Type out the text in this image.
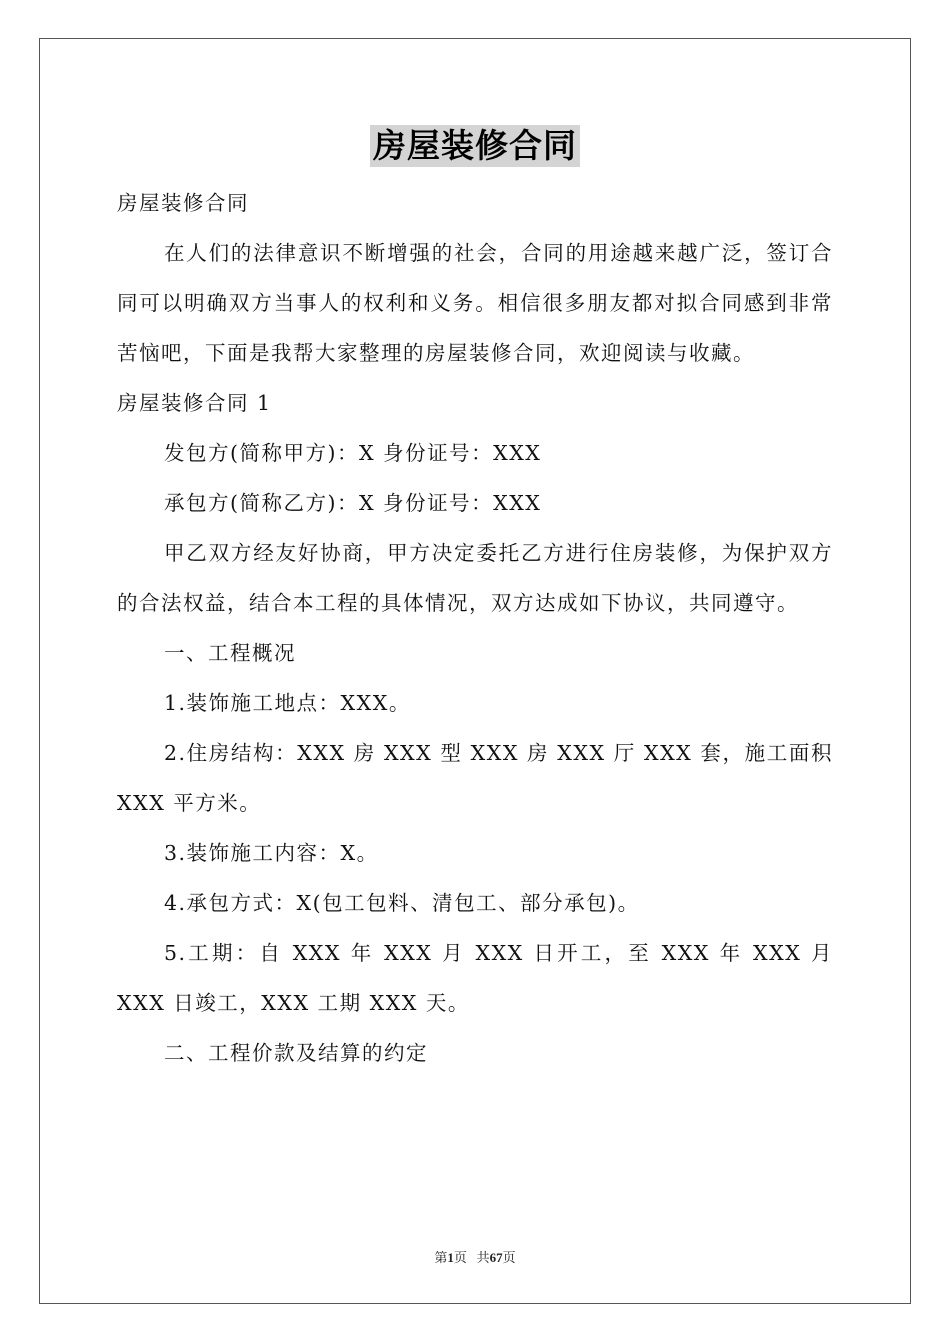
房屋装修合同

房屋装修合同

在人们的法律意识不断增强的社会，合同的用途越来越广泛，签订合同可以明确双方当事人的权利和义务。相信很多朋友都对拟合同感到非常苦恼吧，下面是我帮大家整理的房屋装修合同，欢迎阅读与收藏。

房屋装修合同 1

发包方(简称甲方)：X 身份证号：XXX

承包方(简称乙方)：X 身份证号：XXX

甲乙双方经友好协商，甲方决定委托乙方进行住房装修，为保护双方的合法权益，结合本工程的具体情况，双方达成如下协议，共同遵守。

一、工程概况

1.装饰施工地点：XXX。

2.住房结构：XXX 房 XXX 型 XXX 房 XXX 厅 XXX 套，施工面积 XXX 平方米。

3.装饰施工内容：X。

4.承包方式：X(包工包料、清包工、部分承包)。

5.工期：自 XXX 年 XXX 月 XXX 日开工，至 XXX 年 XXX 月 XXX 日竣工，XXX 工期 XXX 天。

二、工程价款及结算的约定

第1页 共67页
